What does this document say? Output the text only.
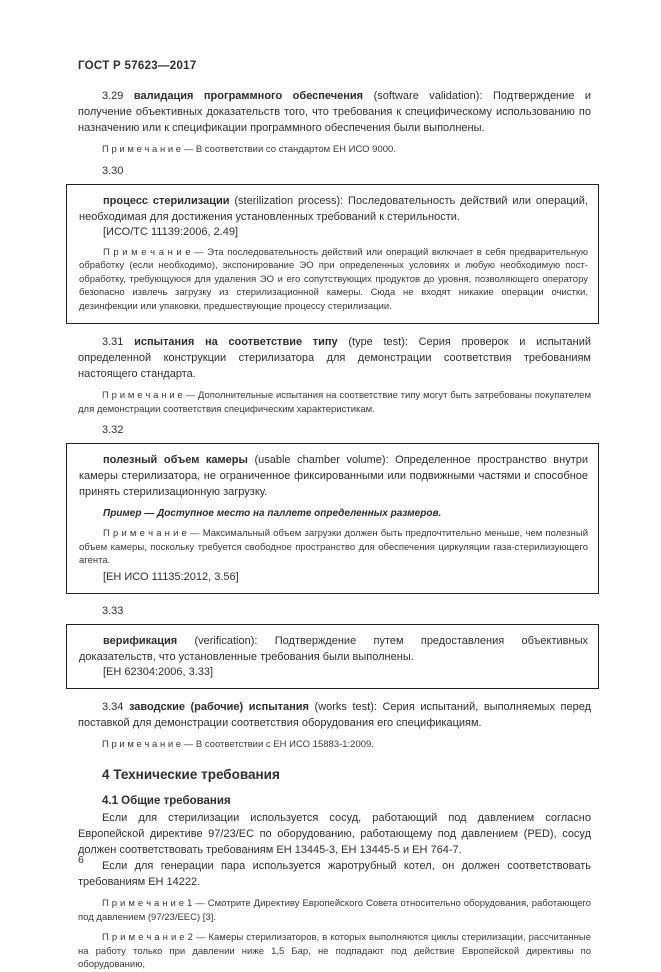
ГОСТ Р 57623—2017

3.29 валидация программного обеспечения (software validation): Подтверждение и получение объективных доказательств того, что требования к специфическому использованию по назначению или к спецификации программного обеспечения были выполнены.

П р и м е ч а н и е — В соответствии со стандартом ЕН ИСО 9000.

3.30

процесс стерилизации (sterilization process): Последовательность действий или операций, необходимая для достижения установленных требований к стерильности.

[ИСО/ТС 11139:2006, 2.49]

П р и м е ч а н и е — Эта последовательность действий или операций включает в себя предварительную обработку (если необходимо), экспонирование ЭО при определенных условиях и любую необходимую пост-обработку, требующуюся для удаления ЭО и его сопутствующих продуктов до уровня, позволяющего оператору безопасно извлечь загрузку из стерилизационной камеры. Сюда не входят никакие операции очистки, дезинфекции или упаковки, предшествующие процессу стерилизации.

3.31 испытания на соответствие типу (type test): Серия проверок и испытаний определенной конструкции стерилизатора для демонстрации соответствия требованиям настоящего стандарта.

П р и м е ч а н и е — Дополнительные испытания на соответствие типу могут быть затребованы покупателем для демонстрации соответствия специфическим характеристикам.

3.32

полезный объем камеры (usable chamber volume): Определенное пространство внутри камеры стерилизатора, не ограниченное фиксированными или подвижными частями и способное принять стерилизационную загрузку.

Пример — Доступное место на паллете определенных размеров.

П р и м е ч а н и е — Максимальный объем загрузки должен быть предпочтительно меньше, чем полезный объем камеры, поскольку требуется свободное пространство для обеспечения циркуляции газа-стерилизующего агента.

[ЕН ИСО 11135:2012, 3.56]

3.33

верификация (verification): Подтверждение путем предоставления объективных доказательств, что установленные требования были выполнены.

[ЕН 62304:2006, 3.33]

3.34 заводские (рабочие) испытания (works test): Серия испытаний, выполняемых перед поставкой для демонстрации соответствия оборудования его спецификациям.

П р и м е ч а н и е — В соответствии с ЕН ИСО 15883-1:2009.

4 Технические требования
4.1 Общие требования

Если для стерилизации используется сосуд, работающий под давлением согласно Европейской директиве 97/23/ЕС по оборудованию, работающему под давлением (PED), сосуд должен соответствовать требованиям ЕН 13445-3, ЕН 13445-5 и ЕН 764-7.

Если для генерации пара используется жаротрубный котел, он должен соответствовать требованиям ЕН 14222.

П р и м е ч а н и е 1 — Смотрите Директиву Европейского Совета относительно оборудования, работающего под давлением (97/23/ЕЕС) [3].

П р и м е ч а н и е 2 — Камеры стерилизаторов, в которых выполняются циклы стерилизации, рассчитанные на работу только при давлении ниже 1,5 Бар, не подпадают под действие Европейской директивы по оборудованию,

6
